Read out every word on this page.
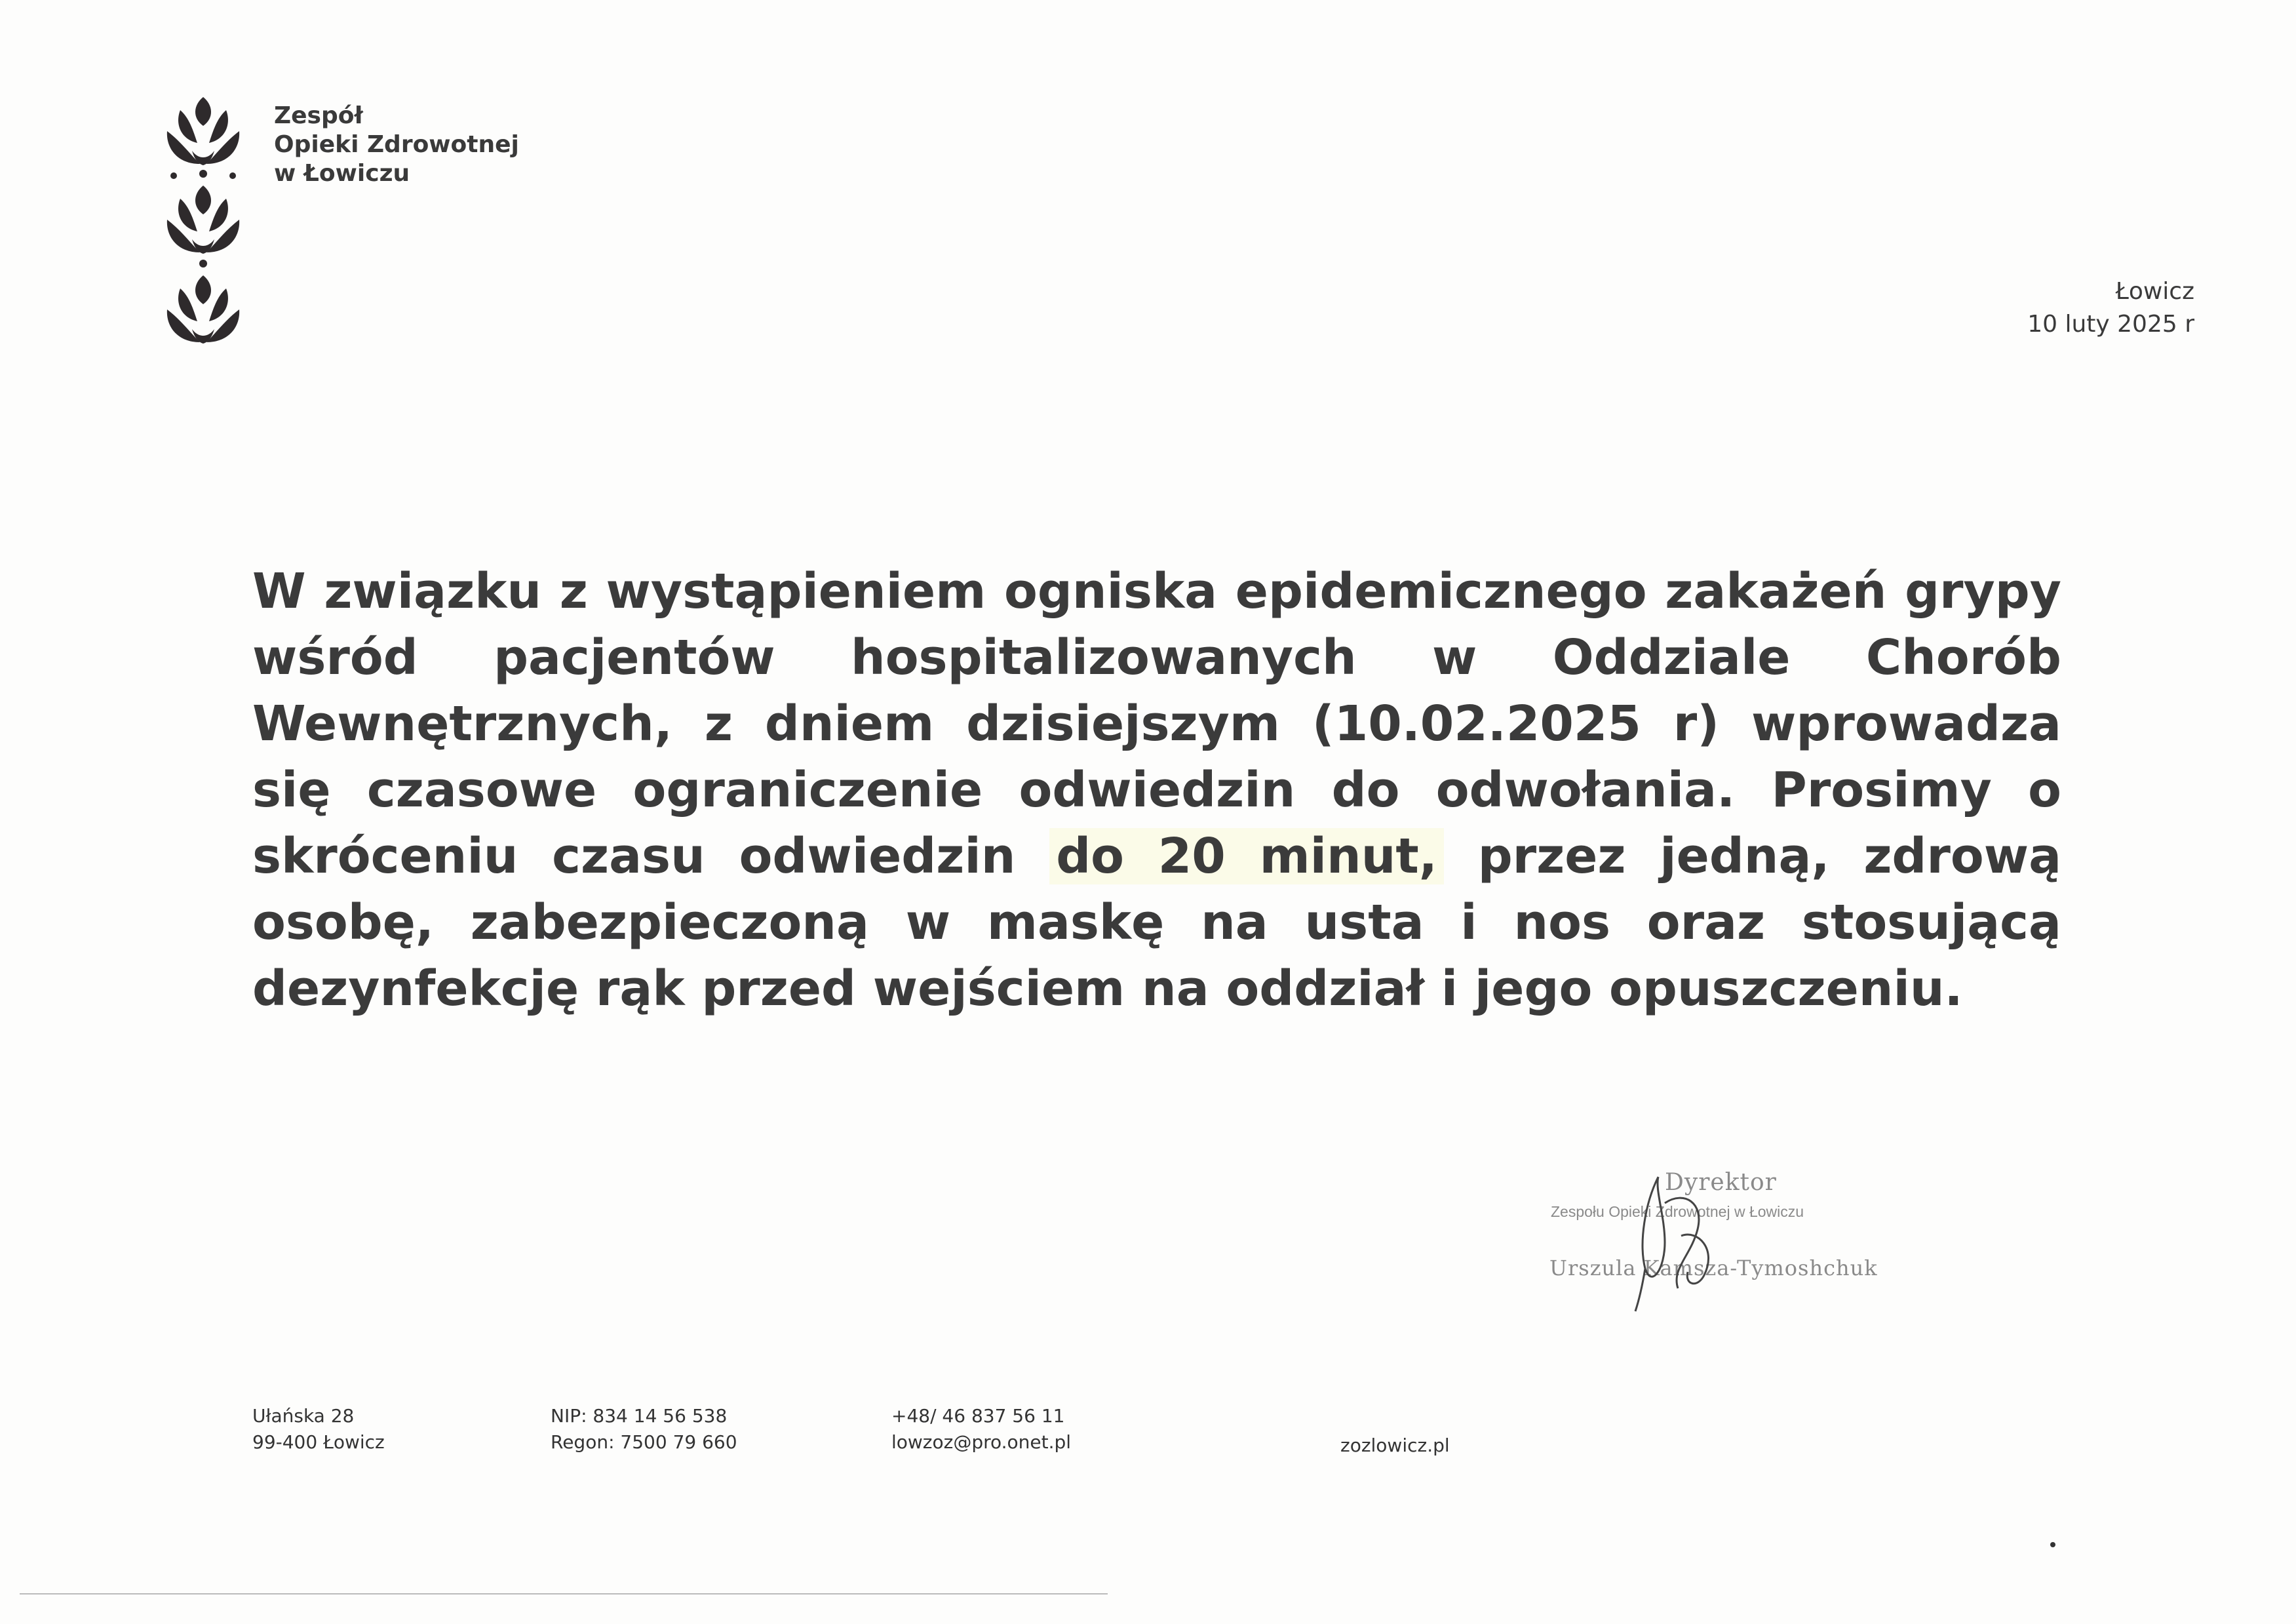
Zespół
Opieki Zdrowotnej
w Łowiczu
Łowicz
10 luty 2025 r
W związku z wystąpieniem ogniska epidemicznego zakażeń grypy wśród pacjentów hospitalizowanych w Oddziale Chorób Wewnętrznych, z dniem dzisiejszym (10.02.2025 r) wprowadza się czasowe ograniczenie odwiedzin do odwołania. Prosimy o skróceniu czasu odwiedzin do 20 minut, przez jedną, zdrową osobę, zabezpieczoną w maskę na usta i nos oraz stosującą dezynfekcję rąk przed wejściem na oddział i jego opuszczeniu.
Dyrektor
Zespołu Opieki Zdrowotnej w Łowiczu
Urszula Kamsza-Tymoshchuk
Ułańska 28
99-400 Łowicz
NIP: 834 14 56 538
Regon: 7500 79 660
+48/ 46 837 56 11
lowzoz@pro.onet.pl	zozlowicz.pl
